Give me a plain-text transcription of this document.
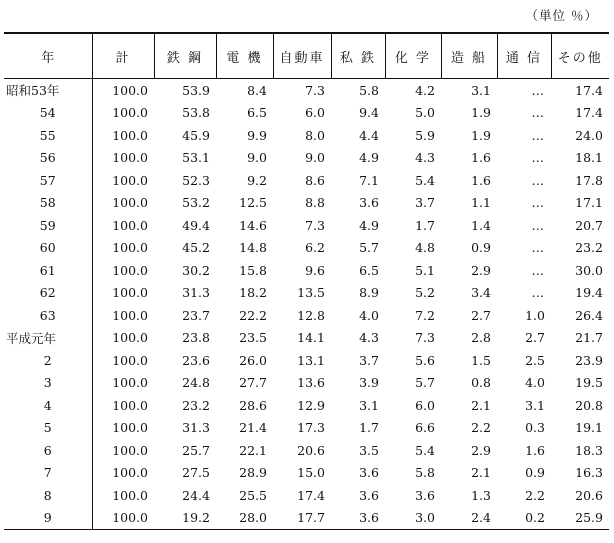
（単位 ％）
年	計	鉄 鋼	電 機	自動車	私 鉄	化 学	造 船	通 信	その他
昭和53年	100.0	53.9	8.4	7.3	5.8	4.2	3.1	…	17.4
54	100.0	53.8	6.5	6.0	9.4	5.0	1.9	…	17.4
55	100.0	45.9	9.9	8.0	4.4	5.9	1.9	…	24.0
56	100.0	53.1	9.0	9.0	4.9	4.3	1.6	…	18.1
57	100.0	52.3	9.2	8.6	7.1	5.4	1.6	…	17.8
58	100.0	53.2	12.5	8.8	3.6	3.7	1.1	…	17.1
59	100.0	49.4	14.6	7.3	4.9	1.7	1.4	…	20.7
60	100.0	45.2	14.8	6.2	5.7	4.8	0.9	…	23.2
61	100.0	30.2	15.8	9.6	6.5	5.1	2.9	…	30.0
62	100.0	31.3	18.2	13.5	8.9	5.2	3.4	…	19.4
63	100.0	23.7	22.2	12.8	4.0	7.2	2.7	1.0	26.4
平成元年	100.0	23.8	23.5	14.1	4.3	7.3	2.8	2.7	21.7
2	100.0	23.6	26.0	13.1	3.7	5.6	1.5	2.5	23.9
3	100.0	24.8	27.7	13.6	3.9	5.7	0.8	4.0	19.5
4	100.0	23.2	28.6	12.9	3.1	6.0	2.1	3.1	20.8
5	100.0	31.3	21.4	17.3	1.7	6.6	2.2	0.3	19.1
6	100.0	25.7	22.1	20.6	3.5	5.4	2.9	1.6	18.3
7	100.0	27.5	28.9	15.0	3.6	5.8	2.1	0.9	16.3
8	100.0	24.4	25.5	17.4	3.6	3.6	1.3	2.2	20.6
9	100.0	19.2	28.0	17.7	3.6	3.0	2.4	0.2	25.9
